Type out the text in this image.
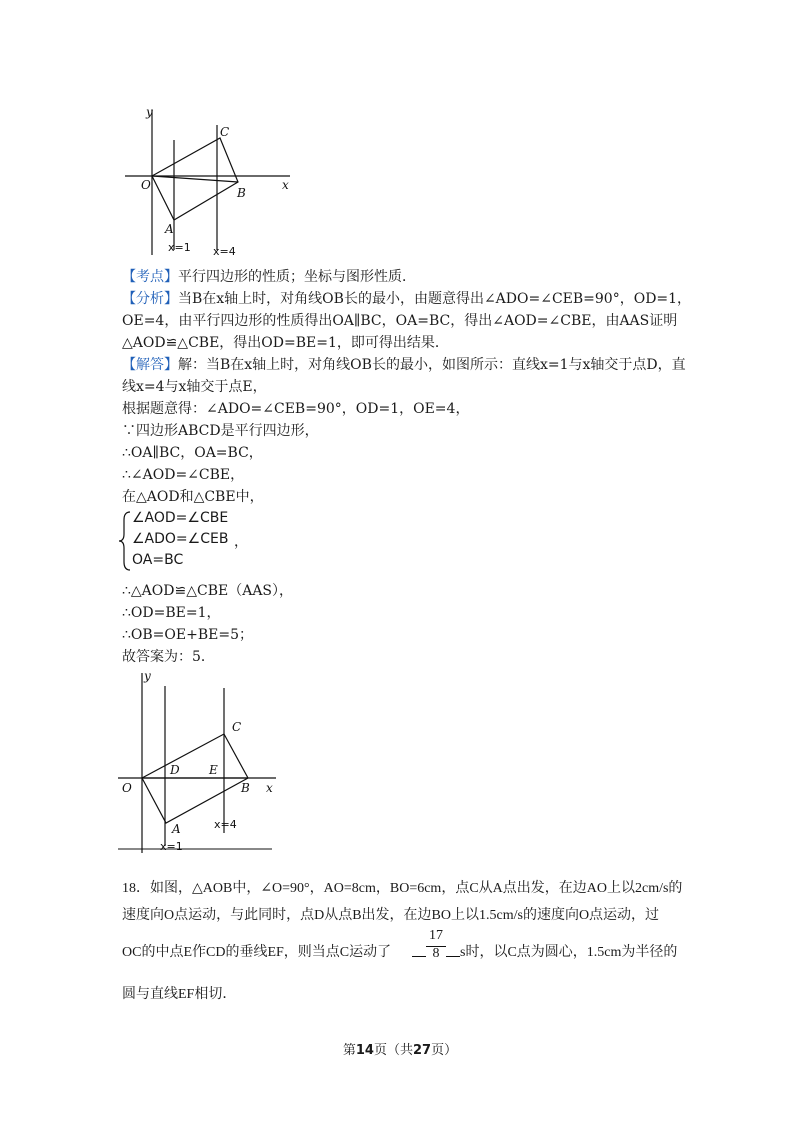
y
x
O
C
B
A
x=1 x=4
【考点】平行四边形的性质；坐标与图形性质．
【分析】当B在x轴上时，对角线OB长的最小，由题意得出∠ADO=∠CEB=90°，OD=1，
OE=4，由平行四边形的性质得出OA∥BC，OA=BC，得出∠AOD=∠CBE，由AAS证明
△AOD≌△CBE，得出OD=BE=1，即可得出结果．
【解答】解：当B在x轴上时，对角线OB长的最小，如图所示：直线x=1与x轴交于点D，直
线x=4与x轴交于点E，
根据题意得：∠ADO=∠CEB=90°，OD=1，OE=4，
∵四边形ABCD是平行四边形，
∴OA∥BC，OA=BC，
∴∠AOD=∠CBE，
在△AOD和△CBE中，
∠AOD=∠CBE
∠ADO=∠CEB
OA=BC
，
∴△AOD≌△CBE（AAS），
∴OD=BE=1，
∴OB=OE+BE=5；
故答案为：5．
y
x
O
C
B
A
D E
x=1
x=4
18．如图，△AOB中，∠O=90°，AO=8cm，BO=6cm，点C从A点出发，在边AO上以2cm/s的
速度向O点运动，与此同时，点D从点B出发，在边BO上以1.5cm/s的速度向O点运动，过
OC的中点E作CD的垂线EF，则当点C运动了
17
8	s时，以C点为圆心，1.5cm为半径的
圆与直线EF相切．
第14页（共27页）
